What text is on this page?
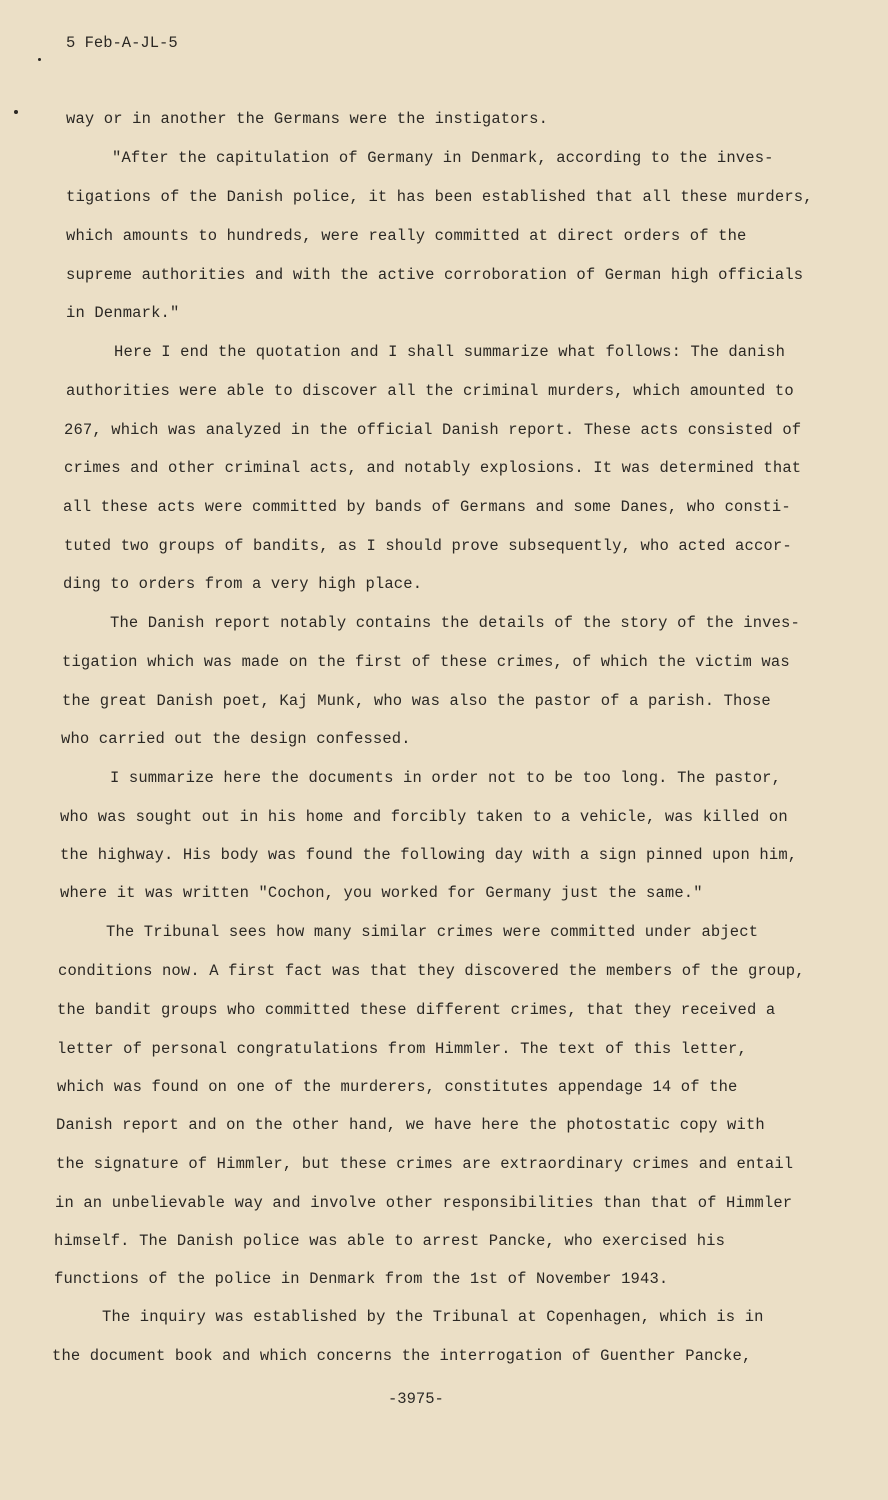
5 Feb-A-JL-5

way or in another the Germans were the instigators.

"After the capitulation of Germany in Denmark, according to the inves-

tigations of the Danish police, it has been established that all these murders,

which amounts to hundreds, were really committed at direct orders of the

supreme authorities and with the active corroboration of German high officials

in Denmark."

Here I end the quotation and I shall summarize what follows: The danish

authorities were able to discover all the criminal murders, which amounted to

267, which was analyzed in the official Danish report. These acts consisted of

crimes and other criminal acts, and notably explosions. It was determined that

all these acts were committed by bands of Germans and some Danes, who consti-

tuted two groups of bandits, as I should prove subsequently, who acted accor-

ding to orders from a very high place.

The Danish report notably contains the details of the story of the inves-

tigation which was made on the first of these crimes, of which the victim was

the great Danish poet, Kaj Munk, who was also the pastor of a parish. Those

who carried out the design confessed.

I summarize here the documents in order not to be too long. The pastor,

who was sought out in his home and forcibly taken to a vehicle, was killed on

the highway. His body was found the following day with a sign pinned upon him,

where it was written "Cochon, you worked for Germany just the same."

The Tribunal sees how many similar crimes were committed under abject

conditions now. A first fact was that they discovered the members of the group,

the bandit groups who committed these different crimes, that they received a

letter of personal congratulations from Himmler. The text of this letter,

which was found on one of the murderers, constitutes appendage 14 of the

Danish report and on the other hand, we have here the photostatic copy with

the signature of Himmler, but these crimes are extraordinary crimes and entail

in an unbelievable way and involve other responsibilities than that of Himmler

himself. The Danish police was able to arrest Pancke, who exercised his

functions of the police in Denmark from the 1st of November 1943.

The inquiry was established by the Tribunal at Copenhagen, which is in

the document book and which concerns the interrogation of Guenther Pancke,

-3975-
